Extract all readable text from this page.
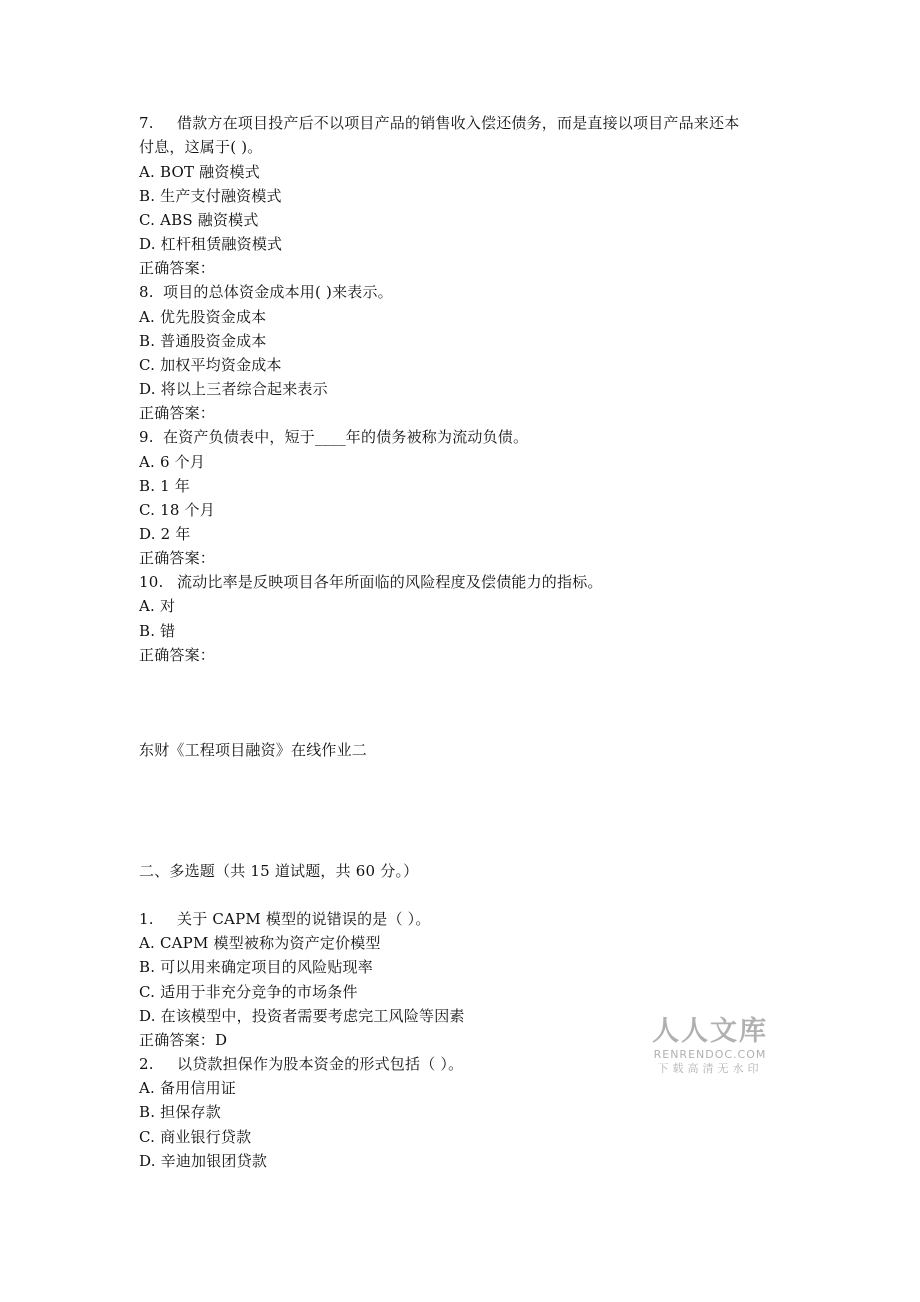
7. 借款方在项目投产后不以项目产品的销售收入偿还债务，而是直接以项目产品来还本
付息，这属于( )。
A. BOT 融资模式
B. 生产支付融资模式
C. ABS 融资模式
D. 杠杆租赁融资模式
正确答案：
8. 项目的总体资金成本用( )来表示。
A. 优先股资金成本
B. 普通股资金成本
C. 加权平均资金成本
D. 将以上三者综合起来表示
正确答案：
9. 在资产负债表中，短于____年的债务被称为流动负债。
A. 6 个月
B. 1 年
C. 18 个月
D. 2 年
正确答案：
10. 流动比率是反映项目各年所面临的风险程度及偿债能力的指标。
A. 对
B. 错
正确答案：
东财《工程项目融资》在线作业二
二、多选题（共 15 道试题，共 60 分。）
1. 关于 CAPM 模型的说错误的是（ ）。
A. CAPM 模型被称为资产定价模型
B. 可以用来确定项目的风险贴现率
C. 适用于非充分竞争的市场条件
D. 在该模型中，投资者需要考虑完工风险等因素
正确答案：D
2. 以贷款担保作为股本资金的形式包括（ ）。
A. 备用信用证
B. 担保存款
C. 商业银行贷款
D. 辛迪加银团贷款
人人文库
RENRENDOC.COM
下载高清无水印
